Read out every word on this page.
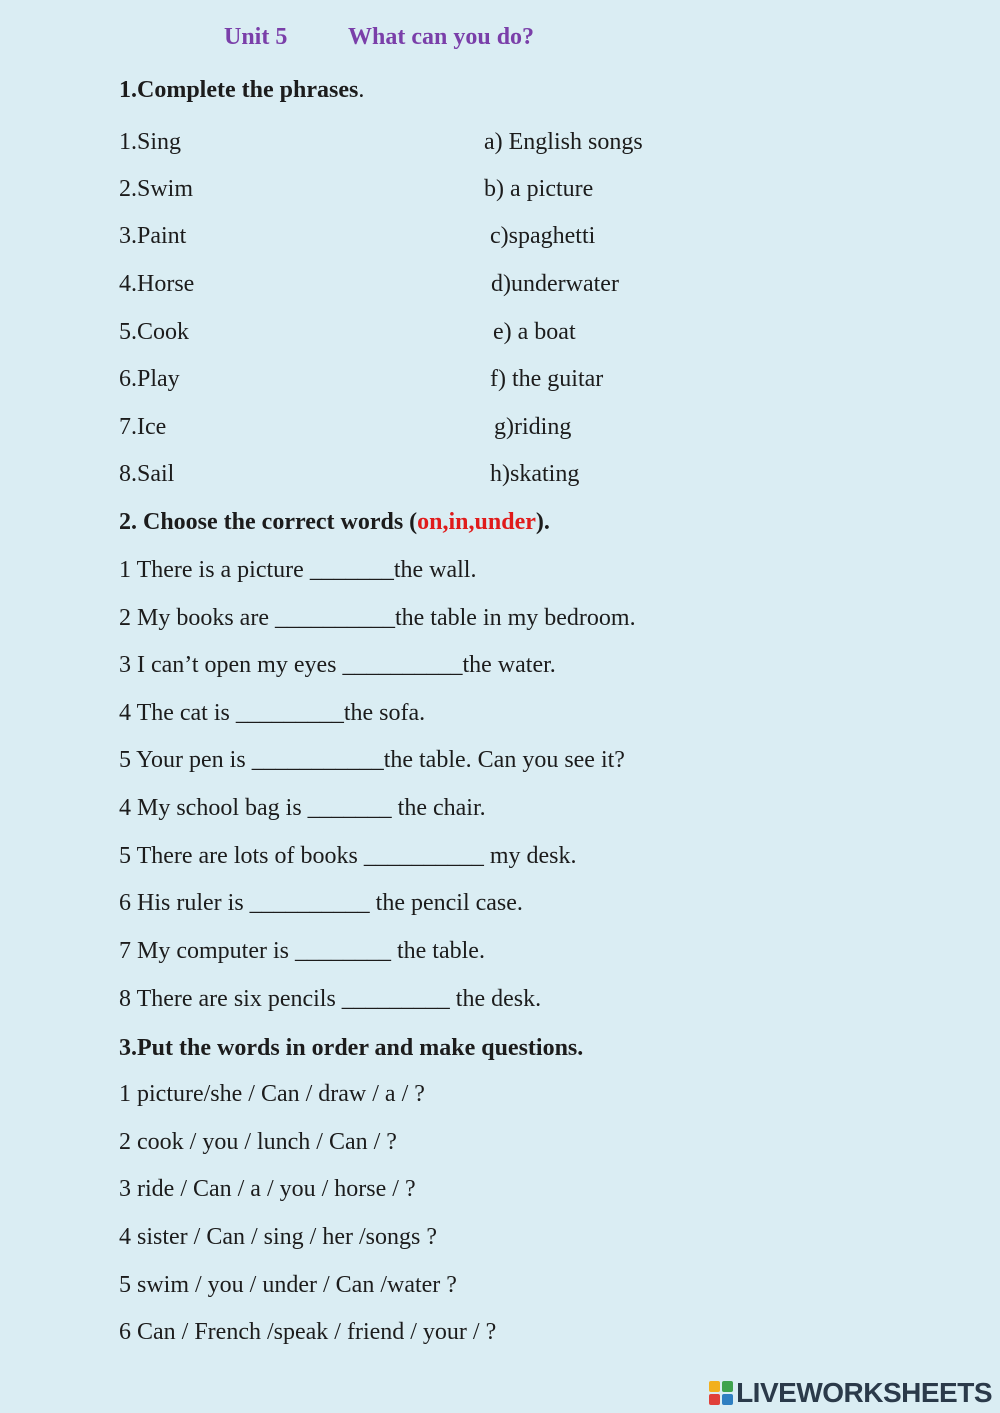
Unit 5	What can you do?
1.Complete the phrases.
1.Sing
2.Swim
3.Paint
4.Horse
5.Cook
6.Play
7.Ice
8.Sail
a) English songs
b) a picture
c)spaghetti
d)underwater
e) a boat
f) the guitar
g)riding
h)skating
2. Choose the correct words (on,in,under).
1 There is a picture _______the wall.
2 My books are __________the table in my bedroom.
3 I can’t open my eyes __________the water.
4 The cat is _________the sofa.
5 Your pen is ___________the table. Can you see it?
4 My school bag is _______ the chair.
5 There are lots of books __________ my desk.
6 His ruler is __________ the pencil case.
7 My computer is ________ the table.
8 There are six pencils _________ the desk.
3.Put the words in order and make questions.
1 picture/she / Can / draw / a / ?
2 cook / you / lunch / Can / ?
3 ride / Can / a / you / horse / ?
4 sister / Can / sing / her /songs ?
5 swim / you / under / Can /water ?
6 Can / French /speak / friend / your / ?
LIVEWORKSHEETS
